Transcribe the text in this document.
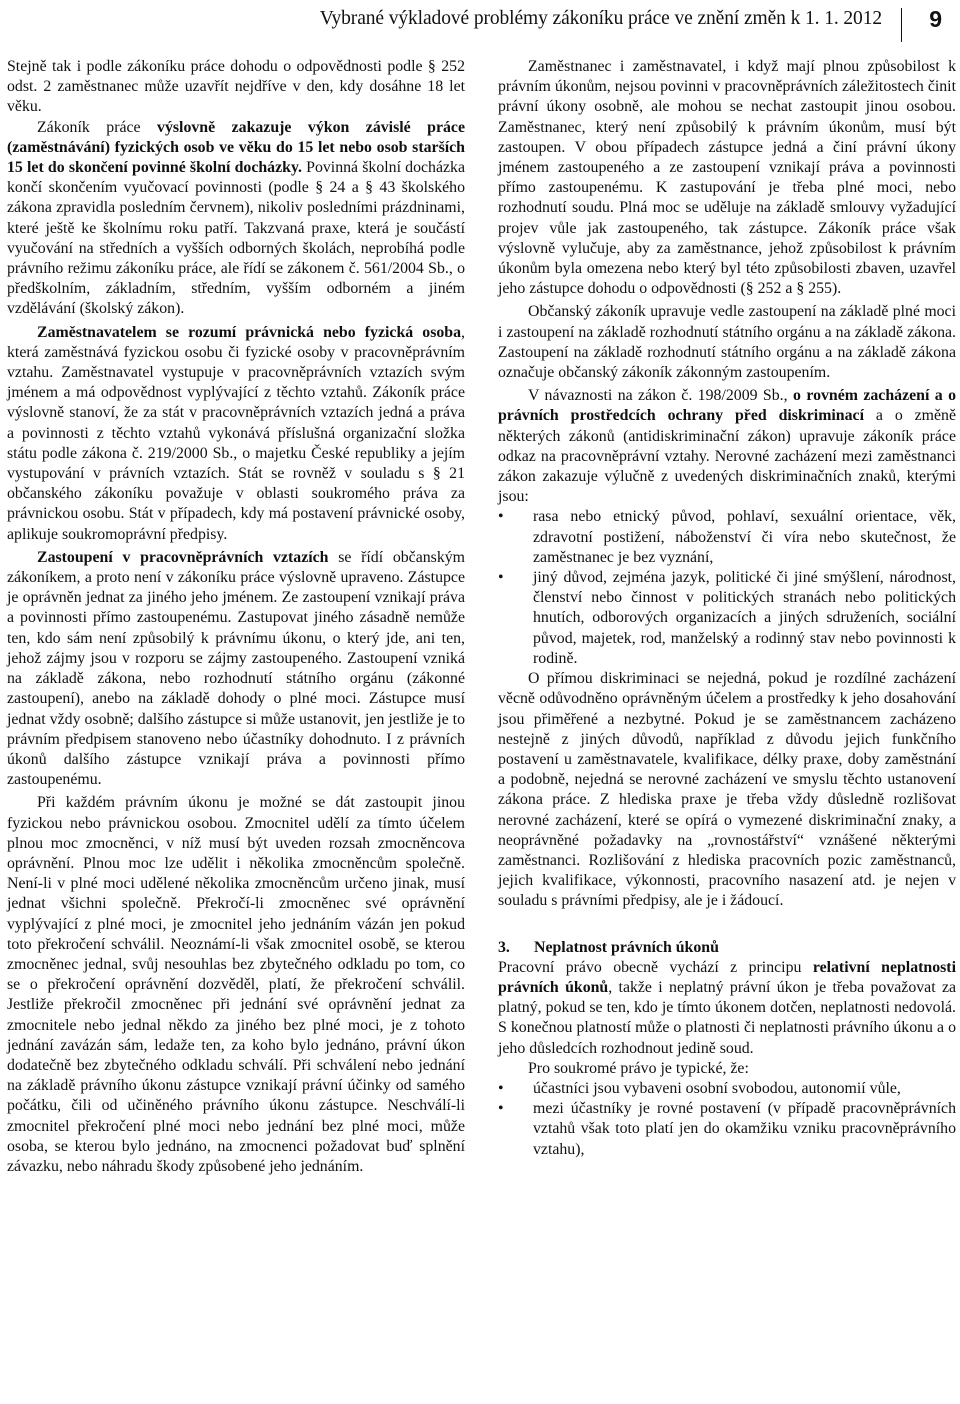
Vybrané výkladové problémy zákoníku práce ve znění změn k 1. 1. 2012 9

Stejně tak i podle zákoníku práce dohodu o odpovědnosti podle § 252 odst. 2 zaměstnanec může uzavřít nejdříve v den, kdy dosáhne 18 let věku.

Zákoník práce výslovně zakazuje výkon závislé práce (zaměstnávání) fyzických osob ve věku do 15 let nebo osob starších 15 let do skončení povinné školní docházky. Povinná školní docházka končí skončením vyučovací povinnosti (podle § 24 a § 43 školského zákona zpravidla posledním červnem), nikoliv posledními prázdninami, které ještě ke školnímu roku patří. Takzvaná praxe, která je součástí vyučování na středních a vyšších odborných školách, neprobíhá podle právního režimu zákoníku práce, ale řídí se zákonem č. 561/2004 Sb., o předškolním, základním, středním, vyšším odborném a jiném vzdělávání (školský zákon).

Zaměstnavatelem se rozumí právnická nebo fyzická osoba, která zaměstnává fyzickou osobu či fyzické osoby v pracovněprávním vztahu. Zaměstnavatel vystupuje v pracovněprávních vztazích svým jménem a má odpovědnost vyplývající z těchto vztahů. Zákoník práce výslovně stanoví, že za stát v pracovněprávních vztazích jedná a práva a povinnosti z těchto vztahů vykonává příslušná organizační složka státu podle zákona č. 219/2000 Sb., o majetku České republiky a jejím vystupování v právních vztazích. Stát se rovněž v souladu s § 21 občanského zákoníku považuje v oblasti soukromého práva za právnickou osobu. Stát v případech, kdy má postavení právnické osoby, aplikuje soukromoprávní předpisy.

Zastoupení v pracovněprávních vztazích se řídí občanským zákoníkem, a proto není v zákoníku práce výslovně upraveno. Zástupce je oprávněn jednat za jiného jeho jménem. Ze zastoupení vznikají práva a povinnosti přímo zastoupenému. Zastupovat jiného zásadně nemůže ten, kdo sám není způsobilý k právnímu úkonu, o který jde, ani ten, jehož zájmy jsou v rozporu se zájmy zastoupeného. Zastoupení vzniká na základě zákona, nebo rozhodnutí státního orgánu (zákonné zastoupení), anebo na základě dohody o plné moci. Zástupce musí jednat vždy osobně; dalšího zástupce si může ustanovit, jen jestliže je to právním předpisem stanoveno nebo účastníky dohodnuto. I z právních úkonů dalšího zástupce vznikají práva a povinnosti přímo zastoupenému.

Při každém právním úkonu je možné se dát zastoupit jinou fyzickou nebo právnickou osobou. Zmocnitel udělí za tímto účelem plnou moc zmocněnci, v níž musí být uveden rozsah zmocněncova oprávnění. Plnou moc lze udělit i několika zmocněncům společně. Není-li v plné moci udělené několika zmocněncům určeno jinak, musí jednat všichni společně. Překročí-li zmocněnec své oprávnění vyplývající z plné moci, je zmocnitel jeho jednáním vázán jen pokud toto překročení schválil. Neoznámí-li však zmocnitel osobě, se kterou zmocněnec jednal, svůj nesouhlas bez zbytečného odkladu po tom, co se o překročení oprávnění dozvěděl, platí, že překročení schválil. Jestliže překročil zmocněnec při jednání své oprávnění jednat za zmocnitele nebo jednal někdo za jiného bez plné moci, je z tohoto jednání zavázán sám, ledaže ten, za koho bylo jednáno, právní úkon dodatečně bez zbytečného odkladu schválí. Při schválení nebo jednání na základě právního úkonu zástupce vznikají právní účinky od samého počátku, čili od učiněného právního úkonu zástupce. Neschválí-li zmocnitel překročení plné moci nebo jednání bez plné moci, může osoba, se kterou bylo jednáno, na zmocnenci požadovat buď splnění závazku, nebo náhradu škody způsobené jeho jednáním.

Zaměstnanec i zaměstnavatel, i když mají plnou způsobilost k právním úkonům, nejsou povinni v pracovněprávních záležitostech činit právní úkony osobně, ale mohou se nechat zastoupit jinou osobou. Zaměstnanec, který není způsobilý k právním úkonům, musí být zastoupen. V obou případech zástupce jedná a činí právní úkony jménem zastoupeného a ze zastoupení vznikají práva a povinnosti přímo zastoupenému. K zastupování je třeba plné moci, nebo rozhodnutí soudu. Plná moc se uděluje na základě smlouvy vyžadující projev vůle jak zastoupeného, tak zástupce. Zákoník práce však výslovně vylučuje, aby za zaměstnance, jehož způsobilost k právním úkonům byla omezena nebo který byl této způsobilosti zbaven, uzavřel jeho zástupce dohodu o odpovědnosti (§ 252 a § 255).

Občanský zákoník upravuje vedle zastoupení na základě plné moci i zastoupení na základě rozhodnutí státního orgánu a na základě zákona. Zastoupení na základě rozhodnutí státního orgánu a na základě zákona označuje občanský zákoník zákonným zastoupením.

V návaznosti na zákon č. 198/2009 Sb., o rovném zacházení a o právních prostředcích ochrany před diskriminací a o změně některých zákonů (antidiskriminační zákon) upravuje zákoník práce odkaz na pracovněprávní vztahy. Nerovné zacházení mezi zaměstnanci zákon zakazuje výlučně z uvedených diskriminačních znaků, kterými jsou:

• rasa nebo etnický původ, pohlaví, sexuální orientace, věk, zdravotní postižení, náboženství či víra nebo skutečnost, že zaměstnanec je bez vyznání,
• jiný důvod, zejména jazyk, politické či jiné smýšlení, národnost, členství nebo činnost v politických stranách nebo politických hnutích, odborových organizacích a jiných sdruženích, sociální původ, majetek, rod, manželský a rodinný stav nebo povinnosti k rodině.

O přímou diskriminaci se nejedná, pokud je rozdílné zacházení věcně odůvodněno oprávněným účelem a prostředky k jeho dosahování jsou přiměřené a nezbytné. Pokud je se zaměstnancem zacházeno nestejně z jiných důvodů, například z důvodu jejich funkčního postavení u zaměstnavatele, kvalifikace, délky praxe, doby zaměstnání a podobně, nejedná se nerovné zacházení ve smyslu těchto ustanovení zákona práce. Z hlediska praxe je třeba vždy důsledně rozlišovat nerovné zacházení, které se opírá o vymezené diskriminační znaky, a neoprávněné požadavky na „rovnostářství“ vznášené některými zaměstnanci. Rozlišování z hlediska pracovních pozic zaměstnanců, jejich kvalifikace, výkonnosti, pracovního nasazení atd. je nejen v souladu s právními předpisy, ale je i žádoucí.

3. Neplatnost právních úkonů

Pracovní právo obecně vychází z principu relativní neplatnosti právních úkonů, takže i neplatný právní úkon je třeba považovat za platný, pokud se ten, kdo je tímto úkonem dotčen, neplatnosti nedovolá. S konečnou platností může o platnosti či neplatnosti právního úkonu a o jeho důsledcích rozhodnout jedině soud.

Pro soukromé právo je typické, že:

• účastníci jsou vybaveni osobní svobodou, autonomií vůle,
• mezi účastníky je rovné postavení (v případě pracovněprávních vztahů však toto platí jen do okamžiku vzniku pracovněprávního vztahu),
